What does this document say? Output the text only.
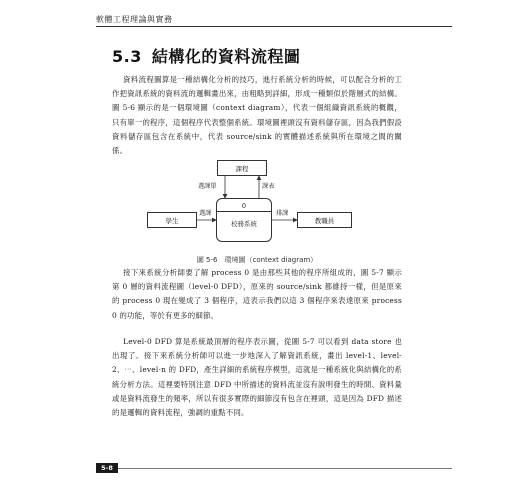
軟體工程理論與實務
5.3 結構化的資料流程圖

資料流程圖算是一種結構化分析的技巧，進行系統分析的時候，可以配合分析的工作把資訊系統的資料流的邏輯畫出來，由粗略到詳細，形成一種類似於階層式的結構。圖 5-6 顯示的是一個環境圖（context diagram），代表一個組織資訊系統的概觀，只有單一的程序，這個程序代表整個系統。環境圖裡頭沒有資料儲存區，因為我們假設資料儲存區包含在系統中，代表 source/sink 的實體描述系統與所在環境之間的關係。

課程
學生	教職員
0
校務系統
選課	排課
選課單	課表
圖 5-6　環境圖（context diagram）

接下來系統分析師要了解 process 0 是由那些其他的程序所組成的，圖 5-7 顯示第 0 層的資料流程圖（level-0 DFD），原來的 source/sink 都維持一樣，但是原來的 process 0 現在變成了 3 個程序，這表示我們以這 3 個程序來表達原來 process 0 的功能，等於有更多的細節。

Level-0 DFD 算是系統最頂層的程序表示圖，從圖 5-7 可以看到 data store 也出現了。接下來系統分析師可以進一步地深入了解資訊系統，畫出 level-1、level-2、⋯、level-n 的 DFD，產生詳細的系統程序模型，這就是一種系統化與結構化的系統分析方法。這裡要特別注意 DFD 中所描述的資料流並沒有說明發生的時間、資料量或是資料流發生的頻率，所以有很多實際的細節沒有包含在裡頭，這是因為 DFD 描述的是邏輯的資料流程，強調的重點不同。

5-8
